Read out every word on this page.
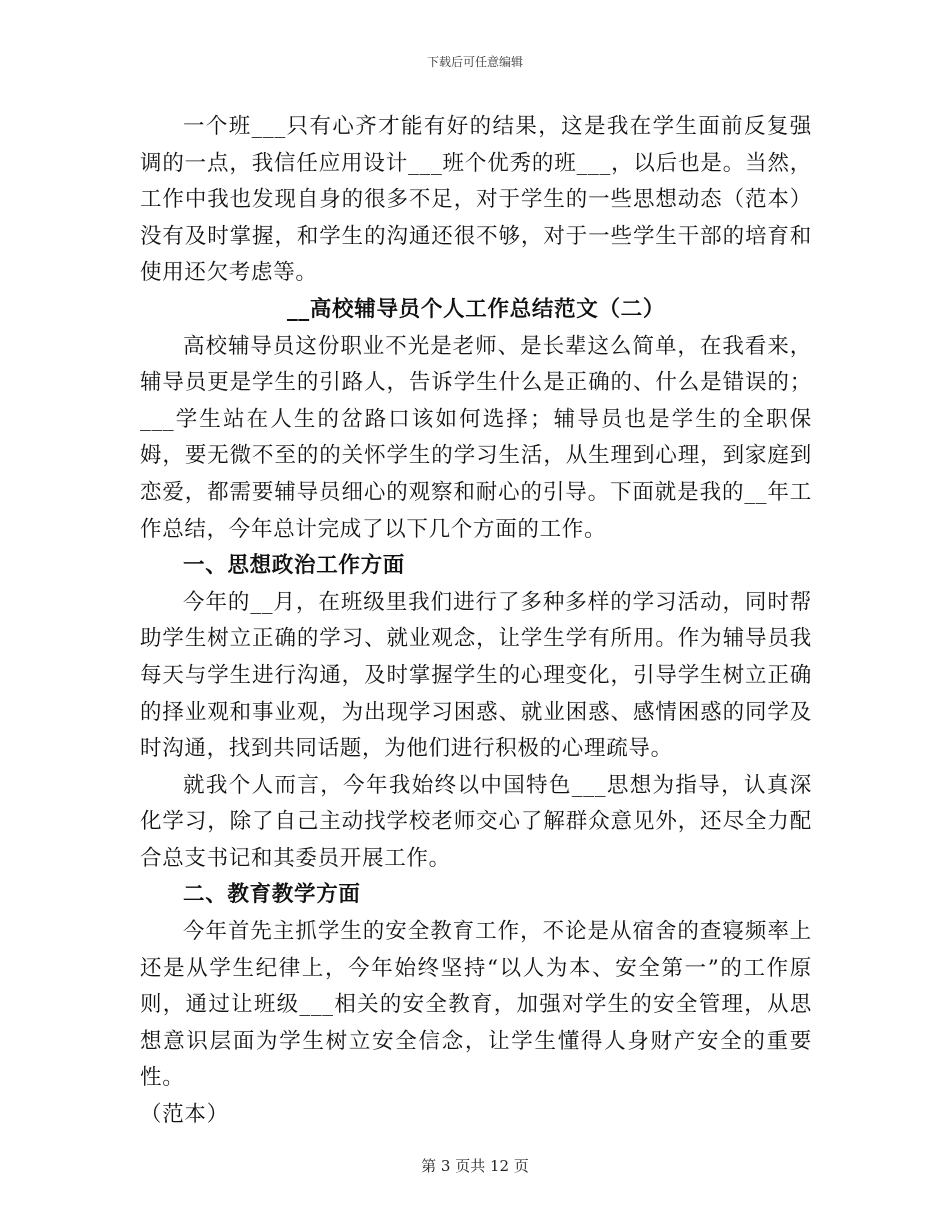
下载后可任意编辑

一个班___只有心齐才能有好的结果，这是我在学生面前反复强调的一点，我信任应用设计___班个优秀的班___，以后也是。当然，工作中我也发现自身的很多不足，对于学生的一些思想动态（范本）没有及时掌握，和学生的沟通还很不够，对于一些学生干部的培育和使用还欠考虑等。

__高校辅导员个人工作总结范文（二）

高校辅导员这份职业不光是老师、是长辈这么简单，在我看来，辅导员更是学生的引路人，告诉学生什么是正确的、什么是错误的；___学生站在人生的岔路口该如何选择；辅导员也是学生的全职保姆，要无微不至的的关怀学生的学习生活，从生理到心理，到家庭到恋爱，都需要辅导员细心的观察和耐心的引导。下面就是我的__年工作总结，今年总计完成了以下几个方面的工作。

一、思想政治工作方面

今年的__月，在班级里我们进行了多种多样的学习活动，同时帮助学生树立正确的学习、就业观念，让学生学有所用。作为辅导员我每天与学生进行沟通，及时掌握学生的心理变化，引导学生树立正确的择业观和事业观，为出现学习困惑、就业困惑、感情困惑的同学及时沟通，找到共同话题，为他们进行积极的心理疏导。

就我个人而言，今年我始终以中国特色___思想为指导，认真深化学习，除了自己主动找学校老师交心了解群众意见外，还尽全力配合总支书记和其委员开展工作。

二、教育教学方面

今年首先主抓学生的安全教育工作，不论是从宿舍的查寝频率上还是从学生纪律上，今年始终坚持“以人为本、安全第一”的工作原则，通过让班级___相关的安全教育，加强对学生的安全管理，从思想意识层面为学生树立安全信念，让学生懂得人身财产安全的重要性。

（范本）

第 3 页共 12 页
